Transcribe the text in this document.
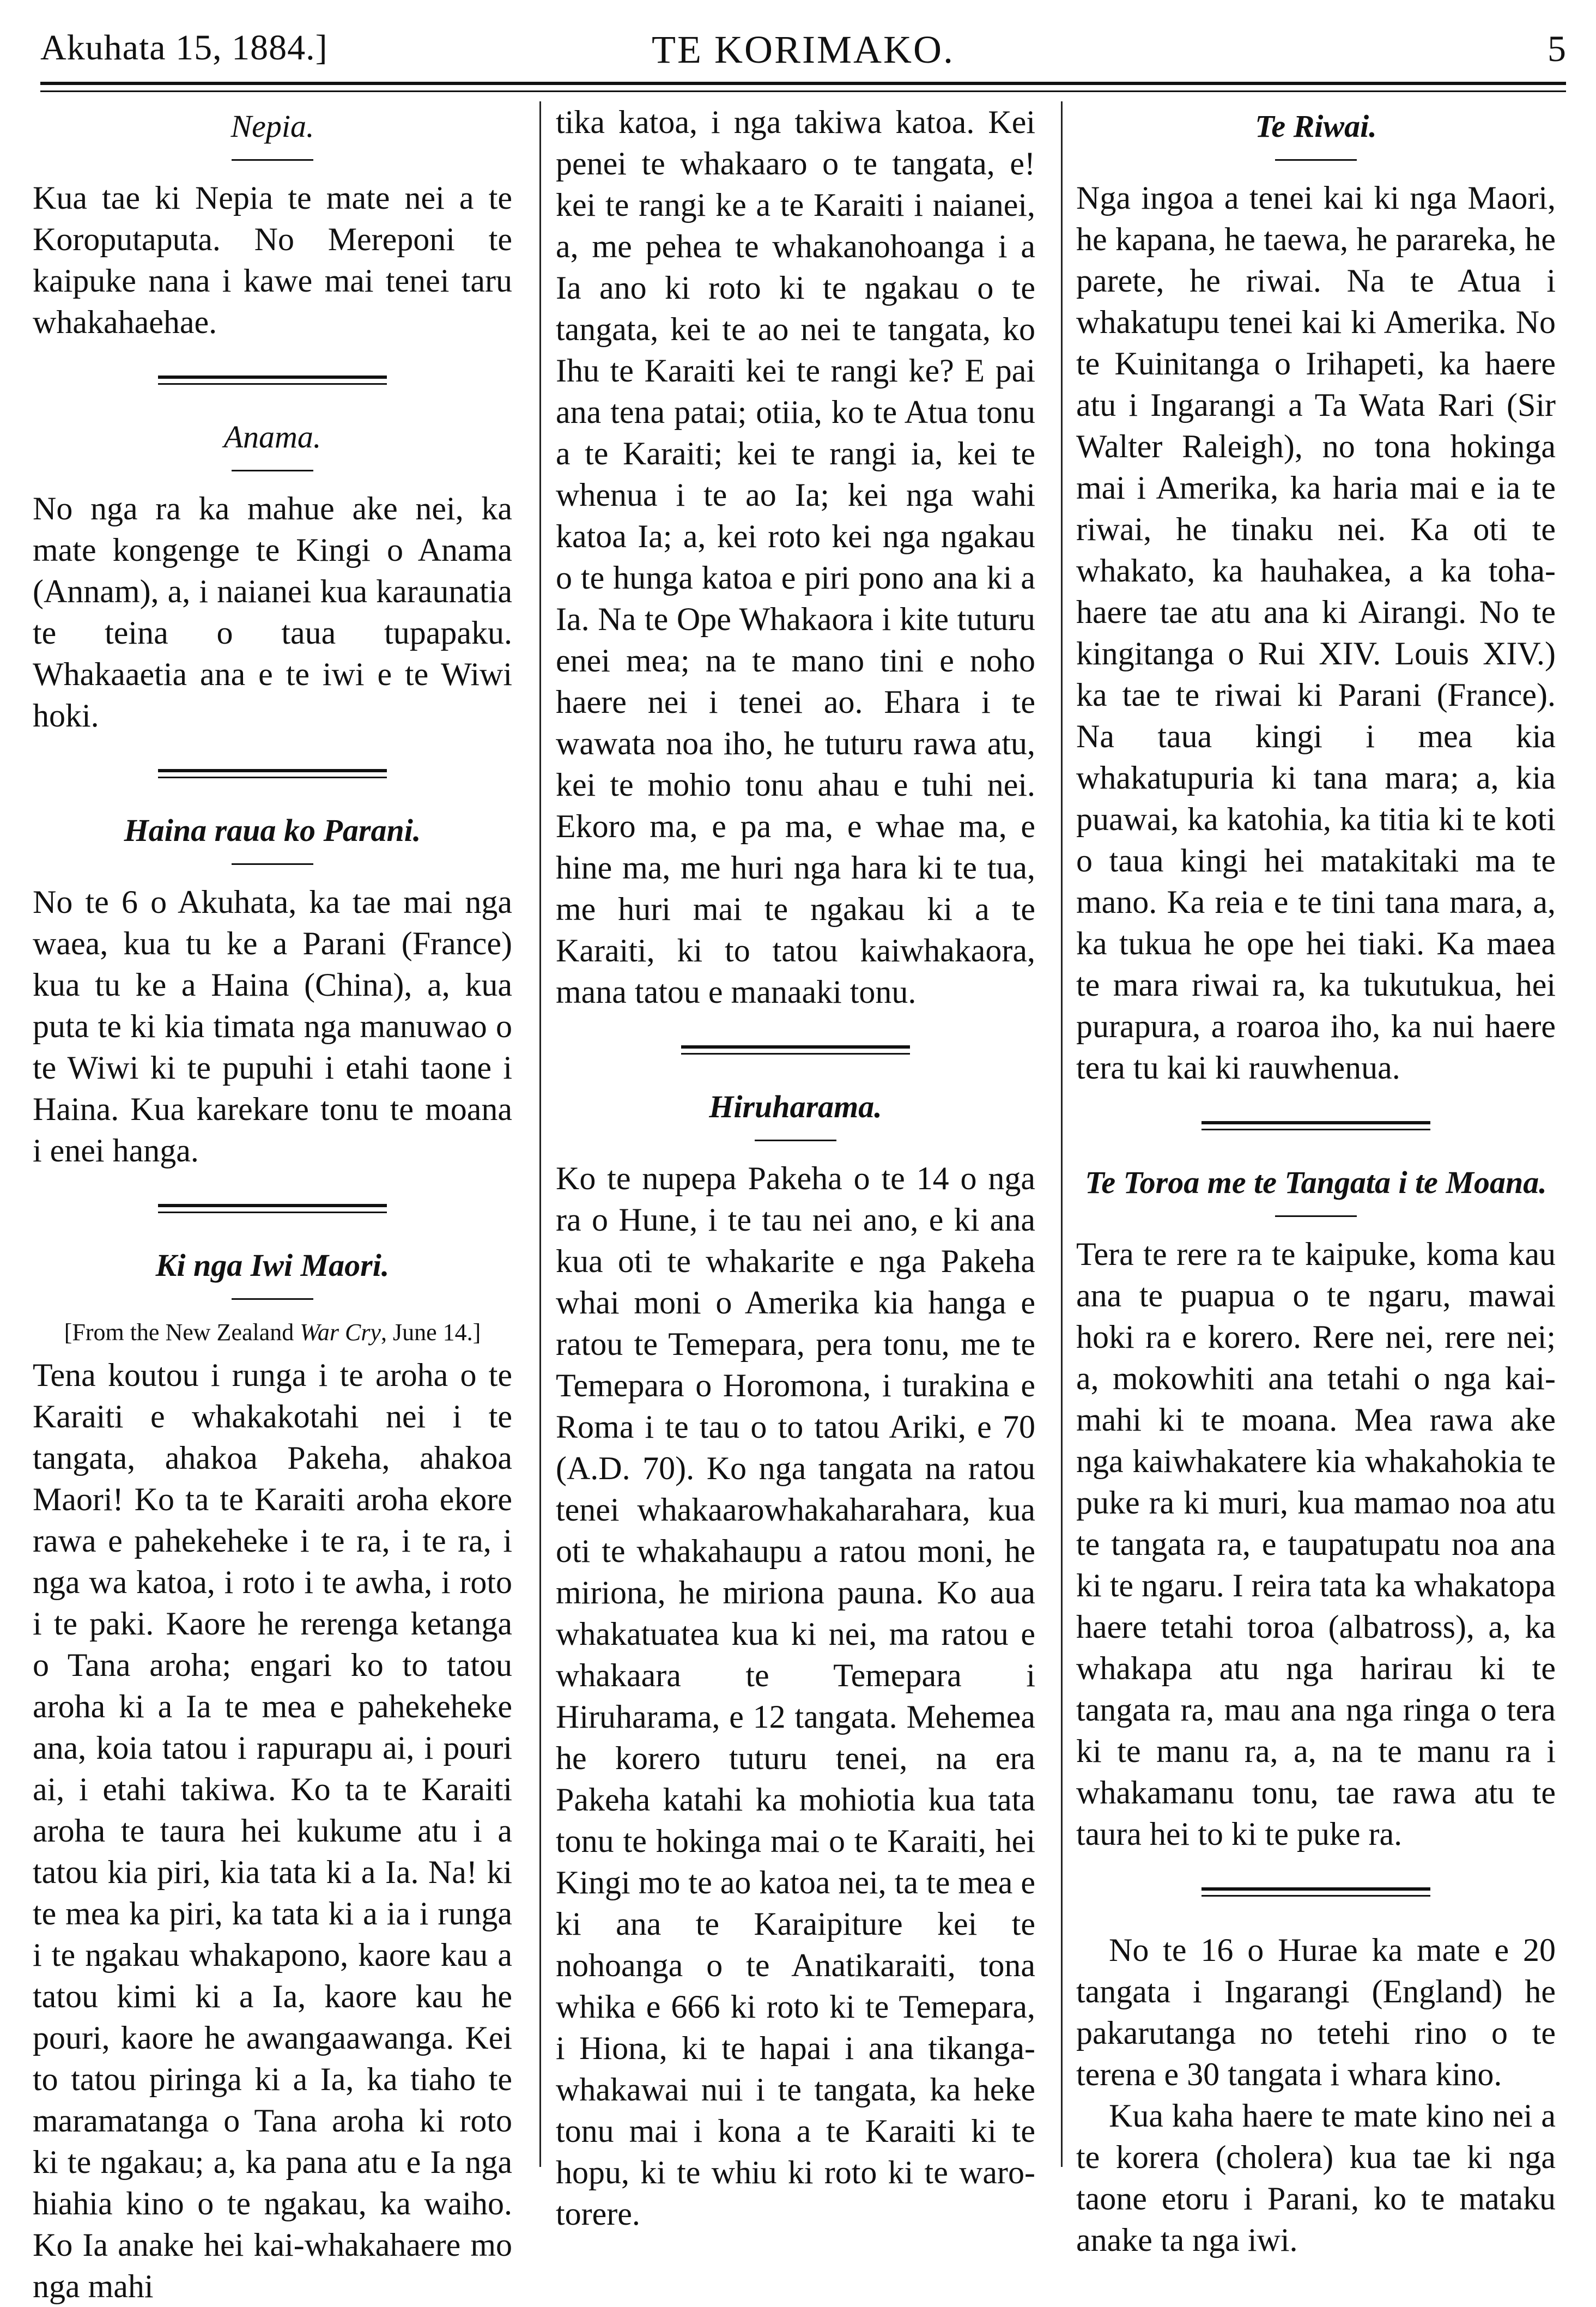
Akuhata 15, 1884.]	TE KORIMAKO.	5

Nepia.

Kua tae ki Nepia te mate nei a te Koroputaputa. No Mereponi te kaipuke nana i kawe mai tenei taru whakahaehae.

Anama.

No nga ra ka mahue ake nei, ka mate kongenge te Kingi o Anama (Annam), a, i naianei kua karaunatia te teina o taua tupapaku. Whakaaetia ana e te iwi e te Wiwi hoki.

Haina raua ko Parani.

No te 6 o Akuhata, ka tae mai nga waea, kua tu ke a Parani (France) kua tu ke a Haina (China), a, kua puta te ki kia timata nga manuwao o te Wiwi ki te pupuhi i etahi taone i Haina. Kua karekare tonu te moana i enei hanga.

Ki nga Iwi Maori.

[From the New Zealand War Cry, June 14.]

Tena koutou i runga i te aroha o te Karaiti e whakakotahi nei i te tangata, ahakoa Pakeha, ahakoa Maori! Ko ta te Karaiti aroha ekore rawa e pahekeheke i te ra, i te ra, i nga wa katoa, i roto i te awha, i roto i te paki. Kaore he rerenga ketanga o Tana aroha; engari ko to tatou aroha ki a Ia te mea e pahekeheke ana, koia tatou i rapurapu ai, i pouri ai, i etahi takiwa. Ko ta te Karaiti aroha te taura hei kukume atu i a tatou kia piri, kia tata ki a Ia. Na! ki te mea ka piri, ka tata ki a ia i runga i te ngakau whakapono, kaore kau a tatou kimi ki a Ia, kaore kau he pouri, kaore he awangaawanga. Kei to tatou piringa ki a Ia, ka tiaho te maramatanga o Tana aroha ki roto ki te ngakau; a, ka pana atu e Ia nga hiahia kino o te ngakau, ka waiho. Ko Ia anake hei kai-whakahaere mo nga mahi

tika katoa, i nga takiwa katoa. Kei penei te whakaaro o te tangata, e! kei te rangi ke a te Karaiti i naianei, a, me pehea te whakanohoanga i a Ia ano ki roto ki te ngakau o te tangata, kei te ao nei te tangata, ko Ihu te Karaiti kei te rangi ke? E pai ana tena patai; otiia, ko te Atua tonu a te Karaiti; kei te rangi ia, kei te whenua i te ao Ia; kei nga wahi katoa Ia; a, kei roto kei nga ngakau o te hunga katoa e piri pono ana ki a Ia. Na te Ope Whakaora i kite tuturu enei mea; na te mano tini e noho haere nei i tenei ao. Ehara i te wawata noa iho, he tuturu rawa atu, kei te mohio tonu ahau e tuhi nei. Ekoro ma, e pa ma, e whae ma, e hine ma, me huri nga hara ki te tua, me huri mai te ngakau ki a te Karaiti, ki to tatou kaiwhakaora, mana tatou e manaaki tonu.

Hiruharama.

Ko te nupepa Pakeha o te 14 o nga ra o Hune, i te tau nei ano, e ki ana kua oti te whakarite e nga Pakeha whai moni o Amerika kia hanga e ratou te Temepara, pera tonu, me te Temepara o Horomona, i turakina e Roma i te tau o to tatou Ariki, e 70 (A.D. 70). Ko nga tangata na ratou tenei whakaarowhakaharahara, kua oti te whakahaupu a ratou moni, he miriona, he miriona pauna. Ko aua whakatuatea kua ki nei, ma ratou e whakaara te Temepara i Hiruharama, e 12 tangata. Mehemea he korero tuturu tenei, na era Pakeha katahi ka mohiotia kua tata tonu te hokinga mai o te Karaiti, hei Kingi mo te ao katoa nei, ta te mea e ki ana te Karaipiture kei te nohoanga o te Anatikaraiti, tona whika e 666 ki roto ki te Temepara, i Hiona, ki te hapai i ana tikanga-whakawai nui i te tangata, ka heke tonu mai i kona a te Karaiti ki te hopu, ki te whiu ki roto ki te waro-torere.

Te Riwai.

Nga ingoa a tenei kai ki nga Maori, he kapana, he taewa, he parareka, he parete, he riwai. Na te Atua i whakatupu tenei kai ki Amerika. No te Kuinitanga o Irihapeti, ka haere atu i Ingarangi a Ta Wata Rari (Sir Walter Raleigh), no tona hokinga mai i Amerika, ka haria mai e ia te riwai, he tinaku nei. Ka oti te whakato, ka hauhakea, a ka toha-haere tae atu ana ki Airangi. No te kingitanga o Rui XIV. Louis XIV.) ka tae te riwai ki Parani (France). Na taua kingi i mea kia whakatupuria ki tana mara; a, kia puawai, ka katohia, ka titia ki te koti o taua kingi hei matakitaki ma te mano. Ka reia e te tini tana mara, a, ka tukua he ope hei tiaki. Ka maea te mara riwai ra, ka tukutukua, hei purapura, a roaroa iho, ka nui haere tera tu kai ki rauwhenua.

Te Toroa me te Tangata i te Moana.

Tera te rere ra te kaipuke, koma kau ana te puapua o te ngaru, mawai hoki ra e korero. Rere nei, rere nei; a, mokowhiti ana tetahi o nga kai-mahi ki te moana. Mea rawa ake nga kaiwhakatere kia whakahokia te puke ra ki muri, kua mamao noa atu te tangata ra, e taupatupatu noa ana ki te ngaru. I reira tata ka whakatopa haere tetahi toroa (albatross), a, ka whakapa atu nga harirau ki te tangata ra, mau ana nga ringa o tera ki te manu ra, a, na te manu ra i whakamanu tonu, tae rawa atu te taura hei to ki te puke ra.

No te 16 o Hurae ka mate e 20 tangata i Ingarangi (England) he pakarutanga no tetehi rino o te terena e 30 tangata i whara kino.

Kua kaha haere te mate kino nei a te korera (cholera) kua tae ki nga taone etoru i Parani, ko te mataku anake ta nga iwi.
